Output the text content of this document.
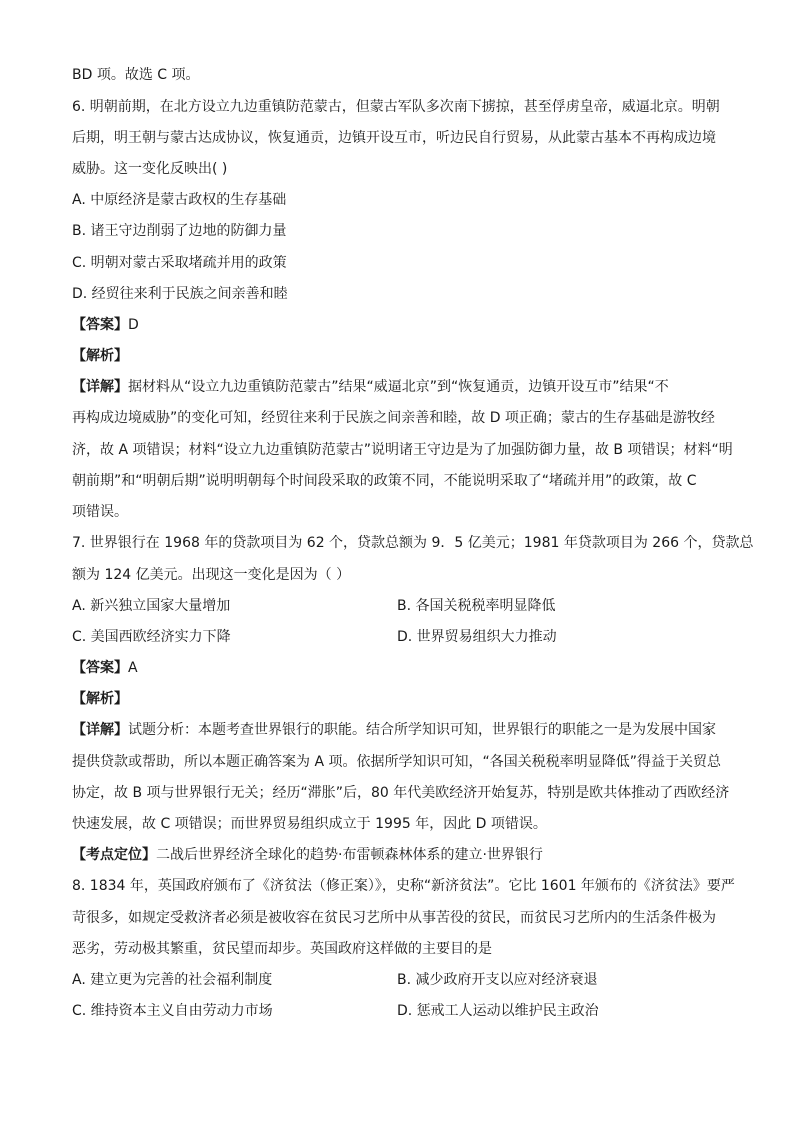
BD 项。故选 C 项。
6. 明朝前期，在北方设立九边重镇防范蒙古，但蒙古军队多次南下掳掠，甚至俘虏皇帝，威逼北京。明朝
后期，明王朝与蒙古达成协议，恢复通贡，边镇开设互市，听边民自行贸易，从此蒙古基本不再构成边境
威胁。这一变化反映出( )
A. 中原经济是蒙古政权的生存基础
B. 诸王守边削弱了边地的防御力量
C. 明朝对蒙古采取堵疏并用的政策
D. 经贸往来利于民族之间亲善和睦
【答案】D
【解析】
【详解】据材料从“设立九边重镇防范蒙古”结果“威逼北京”到“恢复通贡，边镇开设互市”结果“不
再构成边境威胁”的变化可知，经贸往来利于民族之间亲善和睦，故 D 项正确；蒙古的生存基础是游牧经
济，故 A 项错误；材料“设立九边重镇防范蒙古”说明诸王守边是为了加强防御力量，故 B 项错误；材料“明
朝前期”和“明朝后期”说明明朝每个时间段采取的政策不同，不能说明采取了“堵疏并用”的政策，故 C
项错误。
7. 世界银行在 1968 年的贷款项目为 62 个，贷款总额为 9．5 亿美元；1981 年贷款项目为 266 个，贷款总
额为 124 亿美元。出现这一变化是因为（ ）
A. 新兴独立国家大量增加	B. 各国关税税率明显降低
C. 美国西欧经济实力下降	D. 世界贸易组织大力推动
【答案】A
【解析】
【详解】试题分析：本题考查世界银行的职能。结合所学知识可知，世界银行的职能之一是为发展中国家
提供贷款或帮助，所以本题正确答案为 A 项。依据所学知识可知，“各国关税税率明显降低”得益于关贸总
协定，故 B 项与世界银行无关；经历“滞胀”后，80 年代美欧经济开始复苏，特别是欧共体推动了西欧经济
快速发展，故 C 项错误；而世界贸易组织成立于 1995 年，因此 D 项错误。
【考点定位】二战后世界经济全球化的趋势·布雷顿森林体系的建立·世界银行
8. 1834 年，英国政府颁布了《济贫法（修正案）》，史称“新济贫法”。它比 1601 年颁布的《济贫法》要严
苛很多，如规定受救济者必须是被收容在贫民习艺所中从事苦役的贫民，而贫民习艺所内的生活条件极为
恶劣，劳动极其繁重，贫民望而却步。英国政府这样做的主要目的是
A. 建立更为完善的社会福利制度	B. 减少政府开支以应对经济衰退
C. 维持资本主义自由劳动力市场	D. 惩戒工人运动以维护民主政治
